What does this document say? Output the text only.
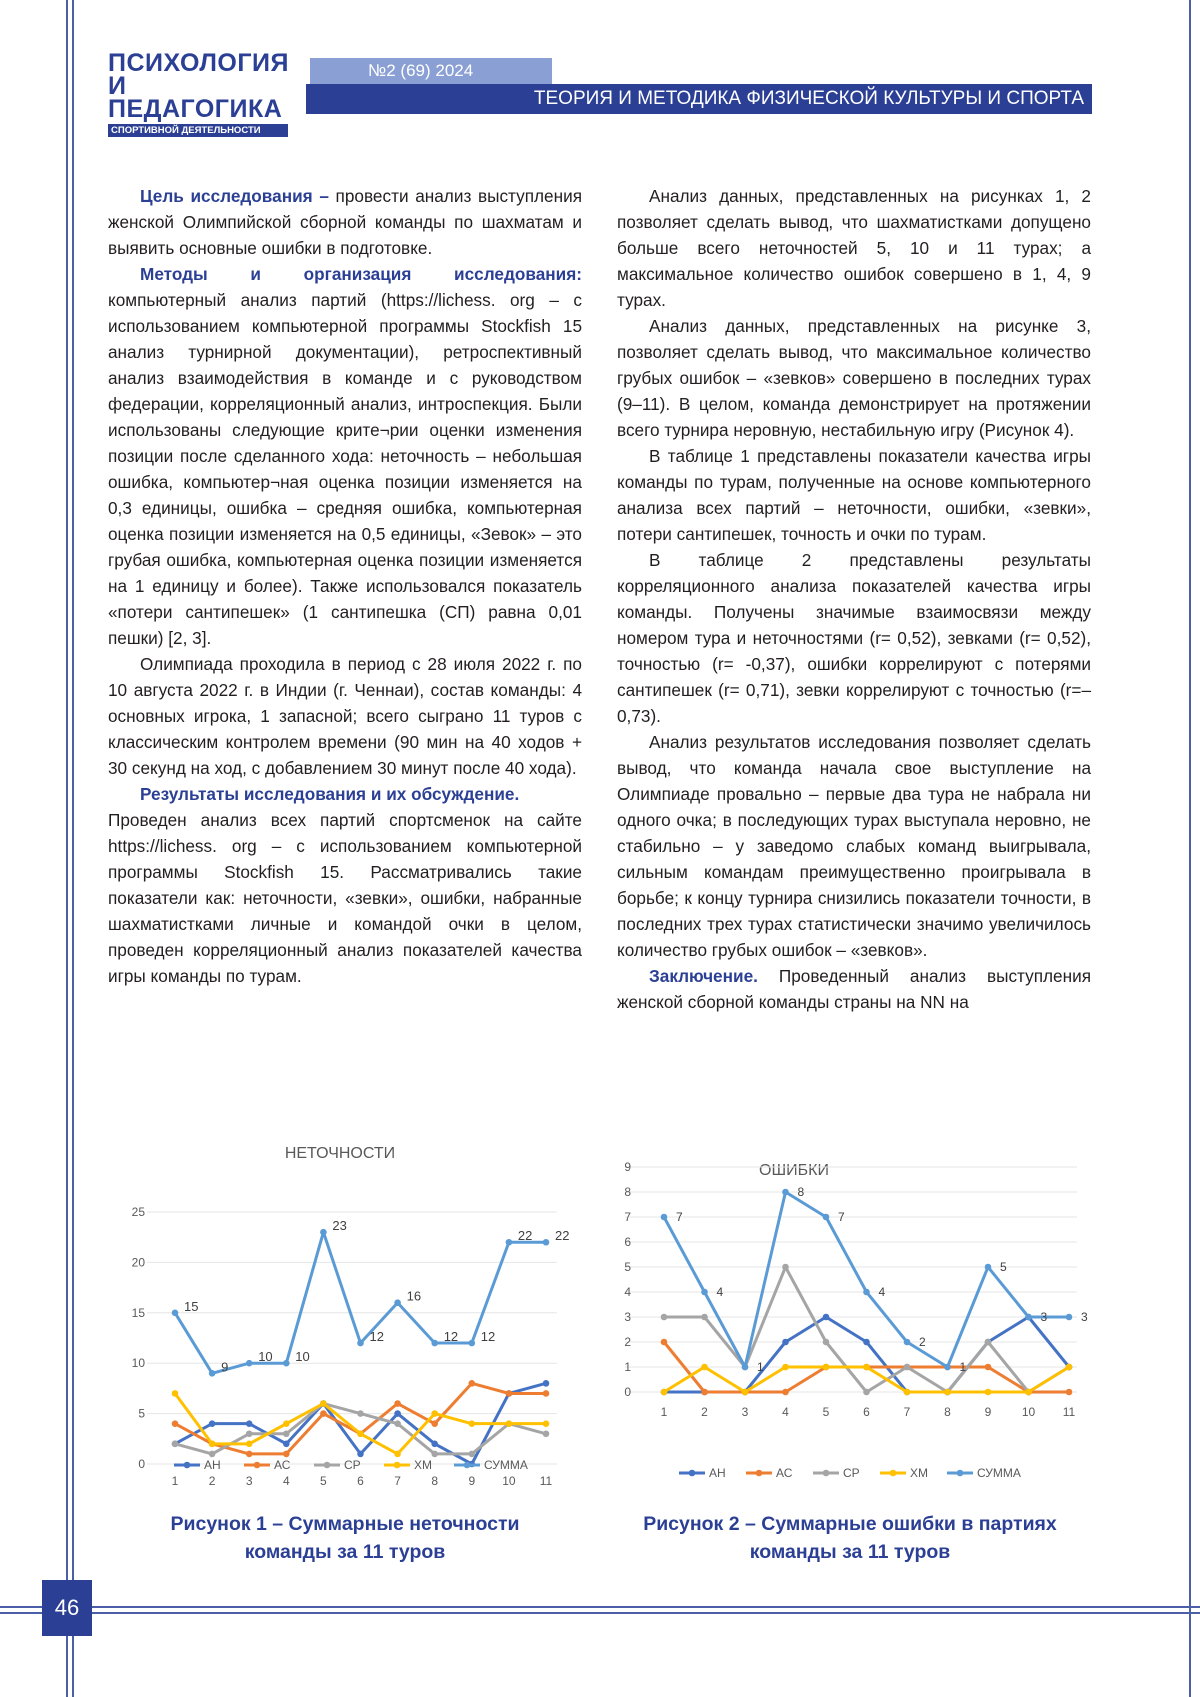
ПСИХОЛОГИЯ
И ПЕДАГОГИКА
СПОРТИВНОЙ ДЕЯТЕЛЬНОСТИ
№2 (69) 2024
ТЕОРИЯ И МЕТОДИКА ФИЗИЧЕСКОЙ КУЛЬТУРЫ И СПОРТА

Цель исследования – провести анализ выступления женской Олимпийской сборной команды по шахматам и выявить основные ошибки в подготовке.

Методы и организация исследования: компьютерный анализ партий (https://lichess. org – с использованием компьютерной программы Stockfish 15 анализ турнирной документации), ретроспективный анализ взаимодействия в команде и с руководством федерации, корреляционный анализ, интроспекция. Были использованы следующие крите¬рии оценки изменения позиции после сделанного хода: неточность – небольшая ошибка, компьютер¬ная оценка позиции изменяется на 0,3 единицы, ошибка – средняя ошибка, компьютерная оценка позиции изменяется на 0,5 единицы, «Зевок» – это грубая ошибка, компьютерная оценка позиции изменяется на 1 единицу и более). Также использовался показатель «потери сантипешек» (1 сантипешка (СП) равна 0,01 пешки) [2, 3].

Олимпиада проходила в период с 28 июля 2022 г. по 10 августа 2022 г. в Индии (г. Ченнаи), состав команды: 4 основных игрока, 1 запасной; всего сыграно 11 туров с классическим контролем времени (90 мин на 40 ходов + 30 секунд на ход, с добавлением 30 минут после 40 хода).

Результаты исследования и их обсуждение.

Проведен анализ всех партий спортсменок на сайте https://lichess. org – с использованием компьютерной программы Stockfish 15. Рассматривались такие показатели как: неточности, «зевки», ошибки, набранные шахматистками личные и командой очки в целом, проведен корреляционный анализ показателей качества игры команды по турам.

Анализ данных, представленных на рисунках 1, 2 позволяет сделать вывод, что шахматистками допущено больше всего неточностей 5, 10 и 11 турах; а максимальное количество ошибок совершено в 1, 4, 9 турах.

Анализ данных, представленных на рисунке 3, позволяет сделать вывод, что максимальное количество грубых ошибок – «зевков» совершено в последних турах (9–11). В целом, команда демонстрирует на протяжении всего турнира неровную, нестабильную игру (Рисунок 4).

В таблице 1 представлены показатели качества игры команды по турам, полученные на основе компьютерного анализа всех партий – неточности, ошибки, «зевки», потери сантипешек, точность и очки по турам.

В таблице 2 представлены результаты корреляционного анализа показателей качества игры команды. Получены значимые взаимосвязи между номером тура и неточностями (r= 0,52), зевками (r= 0,52), точностью (r= -0,37), ошибки коррелируют с потерями сантипешек (r= 0,71), зевки коррелируют с точностью (r=– 0,73).

Анализ результатов исследования позволяет сделать вывод, что команда начала свое выступление на Олимпиаде провально – первые два тура не набрала ни одного очка; в последующих турах выступала неровно, не стабильно – у заведомо слабых команд выигрывала, сильным командам преимущественно проигрывала в борьбе; к концу турнира снизились показатели точности, в последних трех турах статистически значимо увеличилось количество грубых ошибок – «зевков».

Заключение. Проведенный анализ выступления женской сборной команды страны на NN на

НЕТОЧНОСТИ
0
5
10
15
20
25
1	2	3	4	5	6	7	8	9 10 11
15
9
10 10
23
12
16
12 12
22 22
АН	АС	СР	ХМ	СУММА
ОШИБКИ
0
1
2
3
4
5
6
7
8
9
1	2	3	4	5	6	7	8	9	10 11
7
4
1
8
7
4
2
1
5
3	3
АН	АС	СР	ХМ	СУММА
Рисунок 1 – Суммарные неточности команды за 11 туров
Рисунок 2 – Суммарные ошибки в партиях команды за 11 туров
46
